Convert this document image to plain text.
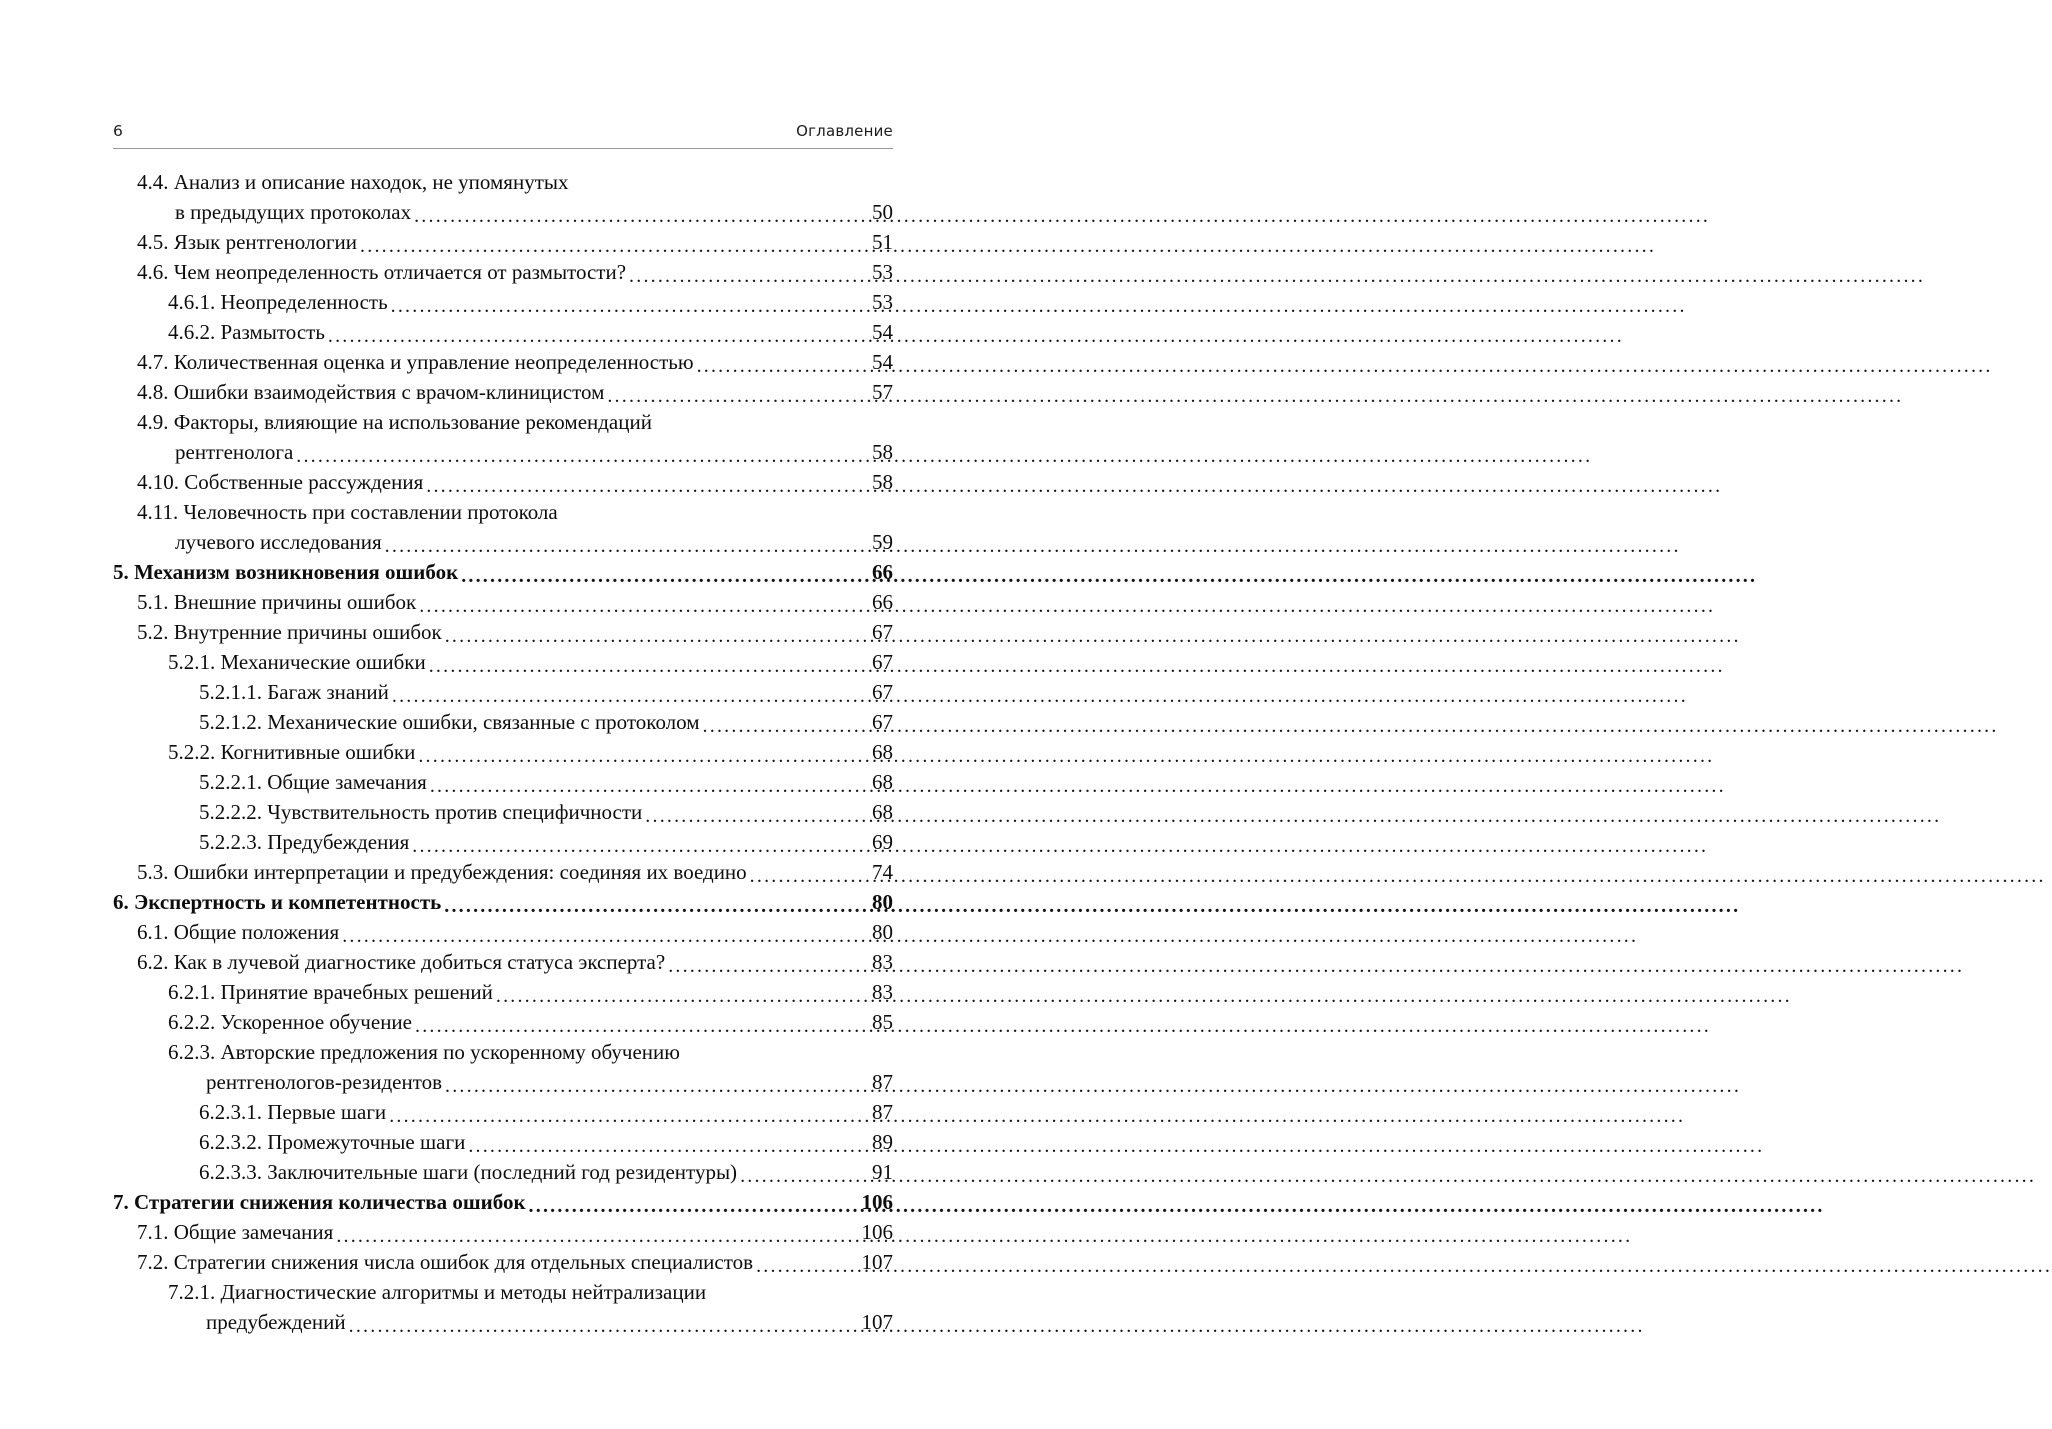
6	Оглавление
4.4. Анализ и описание находок, не упомянутых
в предыдущих протоколах .....	50
4.5. Язык рентгенологии .....	51
4.6. Чем неопределенность отличается от размытости? .....	53
4.6.1. Неопределенность .....	53
4.6.2. Размытость .....	54
4.7. Количественная оценка и управление неопределенностью .....	54
4.8. Ошибки взаимодействия с врачом-клиницистом .....	57
4.9. Факторы, влияющие на использование рекомендаций
рентгенолога .....	58
4.10. Собственные рассуждения .....	58
4.11. Человечность при составлении протокола
лучевого исследования .....	59
5. Механизм возникновения ошибок .....	66
5.1. Внешние причины ошибок .....	66
5.2. Внутренние причины ошибок .....	67
5.2.1. Механические ошибки .....	67
5.2.1.1. Багаж знаний .....	67
5.2.1.2. Механические ошибки, связанные с протоколом .....	67
5.2.2. Когнитивные ошибки .....	68
5.2.2.1. Общие замечания .....	68
5.2.2.2. Чувствительность против специфичности .....	68
5.2.2.3. Предубеждения .....	69
5.3. Ошибки интерпретации и предубеждения: соединяя их воедино .....	74
6. Экспертность и компетентность .....	80
6.1. Общие положения .....	80
6.2. Как в лучевой диагностике добиться статуса эксперта? .....	83
6.2.1. Принятие врачебных решений .....	83
6.2.2. Ускоренное обучение .....	85
6.2.3. Авторские предложения по ускоренному обучению
рентгенологов-резидентов .....	87
6.2.3.1. Первые шаги .....	87
6.2.3.2. Промежуточные шаги .....	89
6.2.3.3. Заключительные шаги (последний год резидентуры) .....	91
7. Стратегии снижения количества ошибок .....	106
7.1. Общие замечания .....	106
7.2. Стратегии снижения числа ошибок для отдельных специалистов .....	107
7.2.1. Диагностические алгоритмы и методы нейтрализации
предубеждений .....	107
